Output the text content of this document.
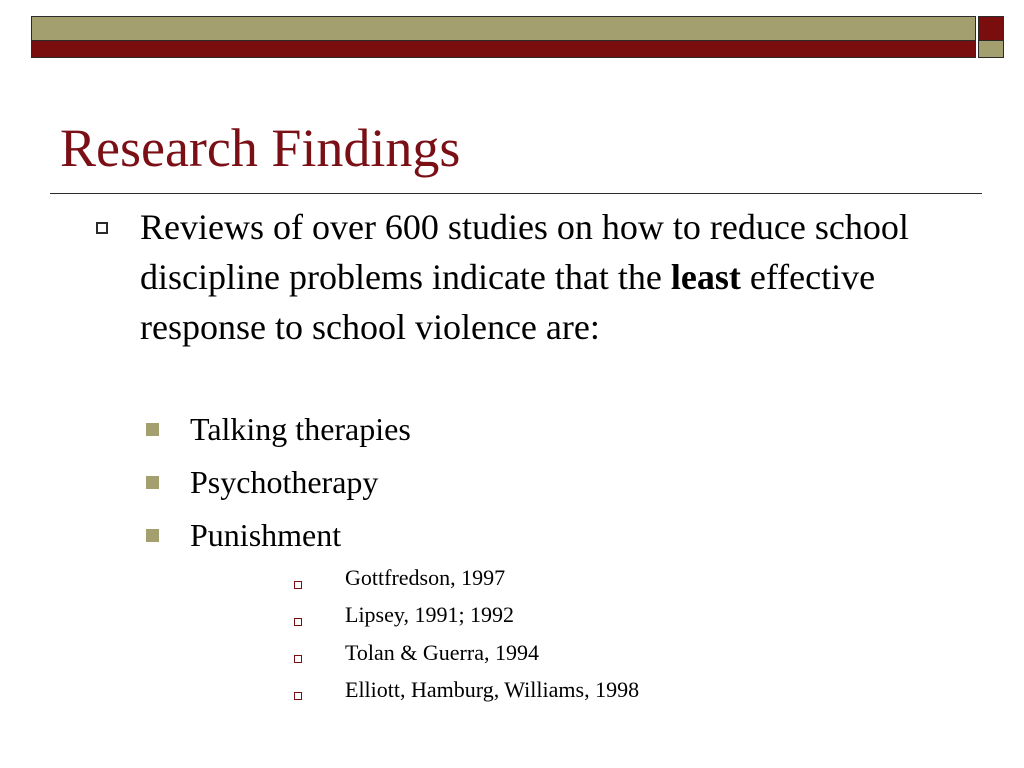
Research Findings
Reviews of over 600 studies on how to reduce school discipline problems indicate that the least effective response to school violence are:
Talking therapies
Psychotherapy
Punishment
Gottfredson, 1997
Lipsey, 1991; 1992
Tolan & Guerra, 1994
Elliott, Hamburg, Williams, 1998
